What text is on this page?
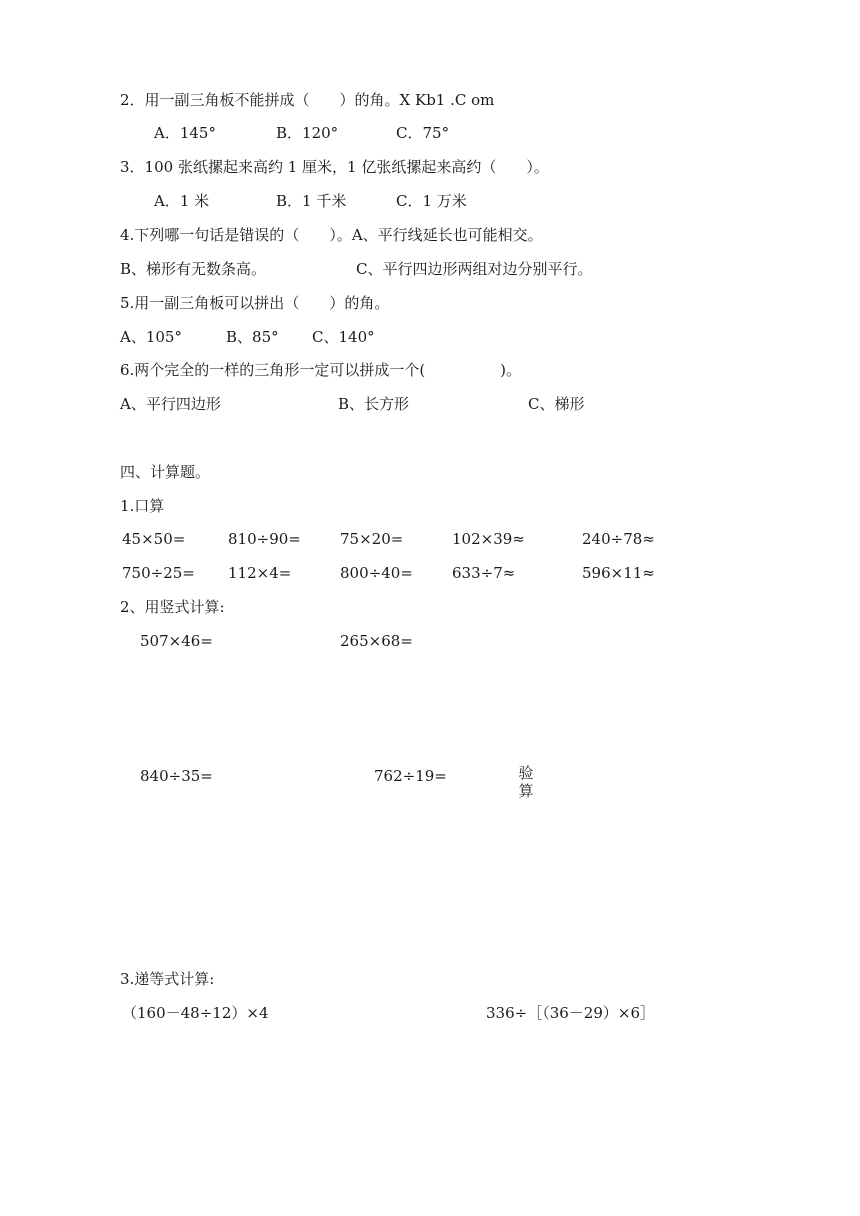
2．用一副三角板不能拼成（　　）的角。X Kb1 .C om
A．145°	B．120°	C．75°
3．100 张纸摞起来高约 1 厘米，1 亿张纸摞起来高约（　　）。
A．1 米	B．1 千米	C．1 万米
4.下列哪一句话是错误的（　　）。A、平行线延长也可能相交。
B、梯形有无数条高。	C、平行四边形两组对边分别平行。
5.用一副三角板可以拼出（　　）的角。
A、105°	B、85° C、140°
6.两个完全的一样的三角形一定可以拼成一个(　　　　　)。
A、平行四边形	B、长方形	C、梯形
四、计算题。
1.口算
45×50=	810÷90=	75×20=	102×39≈	240÷78≈
750÷25= 112×4=	800÷40=	633÷7≈	596×11≈
2、用竖式计算:
507×46=	265×68=
840÷35=	762÷19=	验
算
3.递等式计算:
（160－48÷12）×4	336÷［（36－29）×6］
